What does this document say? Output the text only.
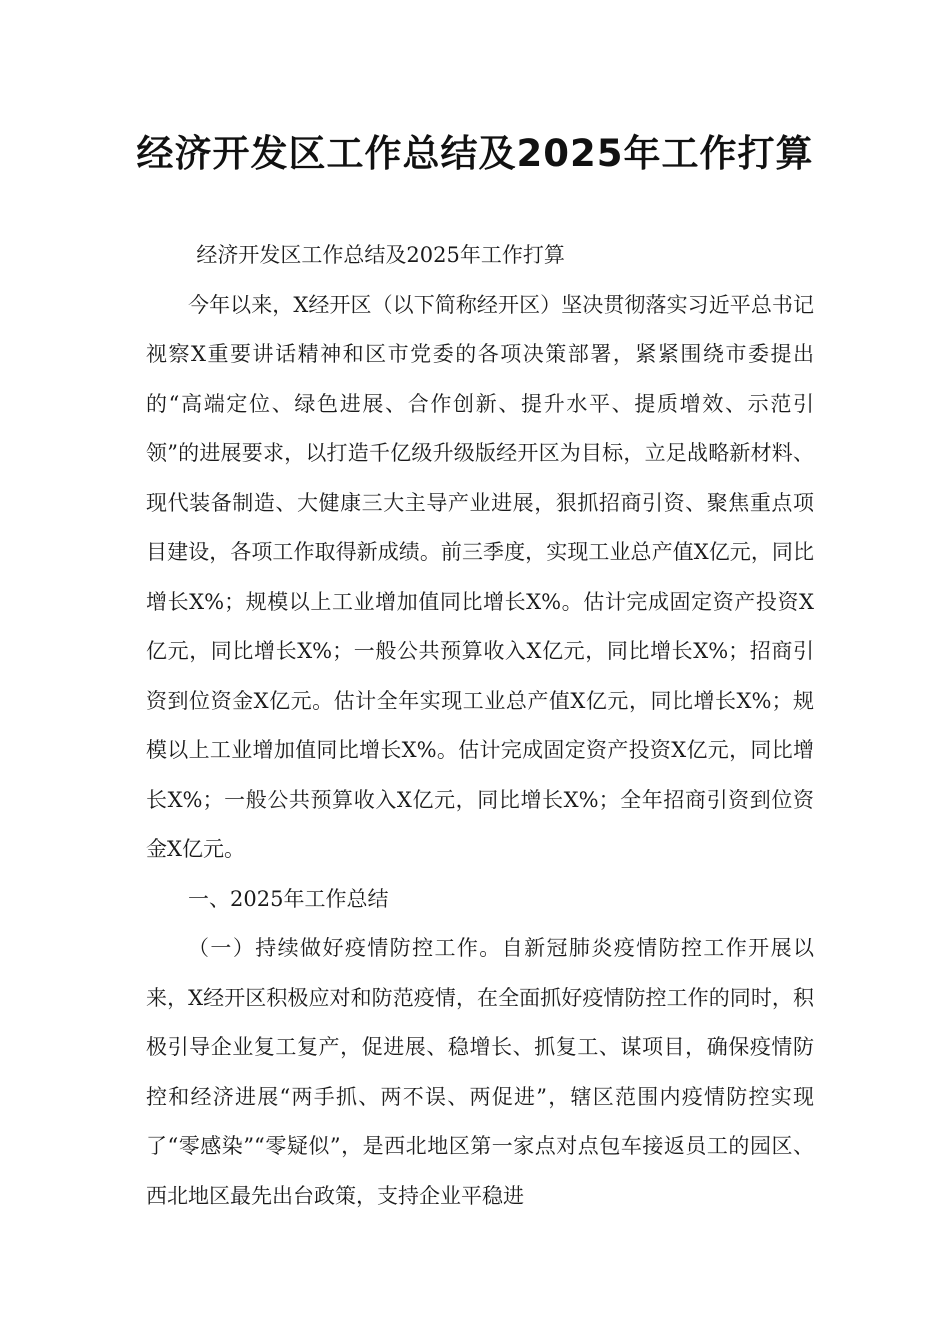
经济开发区工作总结及2025年工作打算

经济开发区工作总结及2025年工作打算

今年以来，X经开区（以下简称经开区）坚决贯彻落实习近平总书记视察X重要讲话精神和区市党委的各项决策部署，紧紧围绕市委提出的“高端定位、绿色进展、合作创新、提升水平、提质增效、示范引领”的进展要求，以打造千亿级升级版经开区为目标，立足战略新材料、现代装备制造、大健康三大主导产业进展，狠抓招商引资、聚焦重点项目建设，各项工作取得新成绩。前三季度，实现工业总产值X亿元，同比增长X%；规模以上工业增加值同比增长X%。估计完成固定资产投资X亿元，同比增长X%；一般公共预算收入X亿元，同比增长X%；招商引资到位资金X亿元。估计全年实现工业总产值X亿元，同比增长X%；规模以上工业增加值同比增长X%。估计完成固定资产投资X亿元，同比增长X%；一般公共预算收入X亿元，同比增长X%；全年招商引资到位资金X亿元。

一、2025年工作总结

（一）持续做好疫情防控工作。自新冠肺炎疫情防控工作开展以来，X经开区积极应对和防范疫情，在全面抓好疫情防控工作的同时，积极引导企业复工复产，促进展、稳增长、抓复工、谋项目，确保疫情防控和经济进展“两手抓、两不误、两促进”，辖区范围内疫情防控实现了“零感染”“零疑似”，是西北地区第一家点对点包车接返员工的园区、西北地区最先出台政策，支持企业平稳进
